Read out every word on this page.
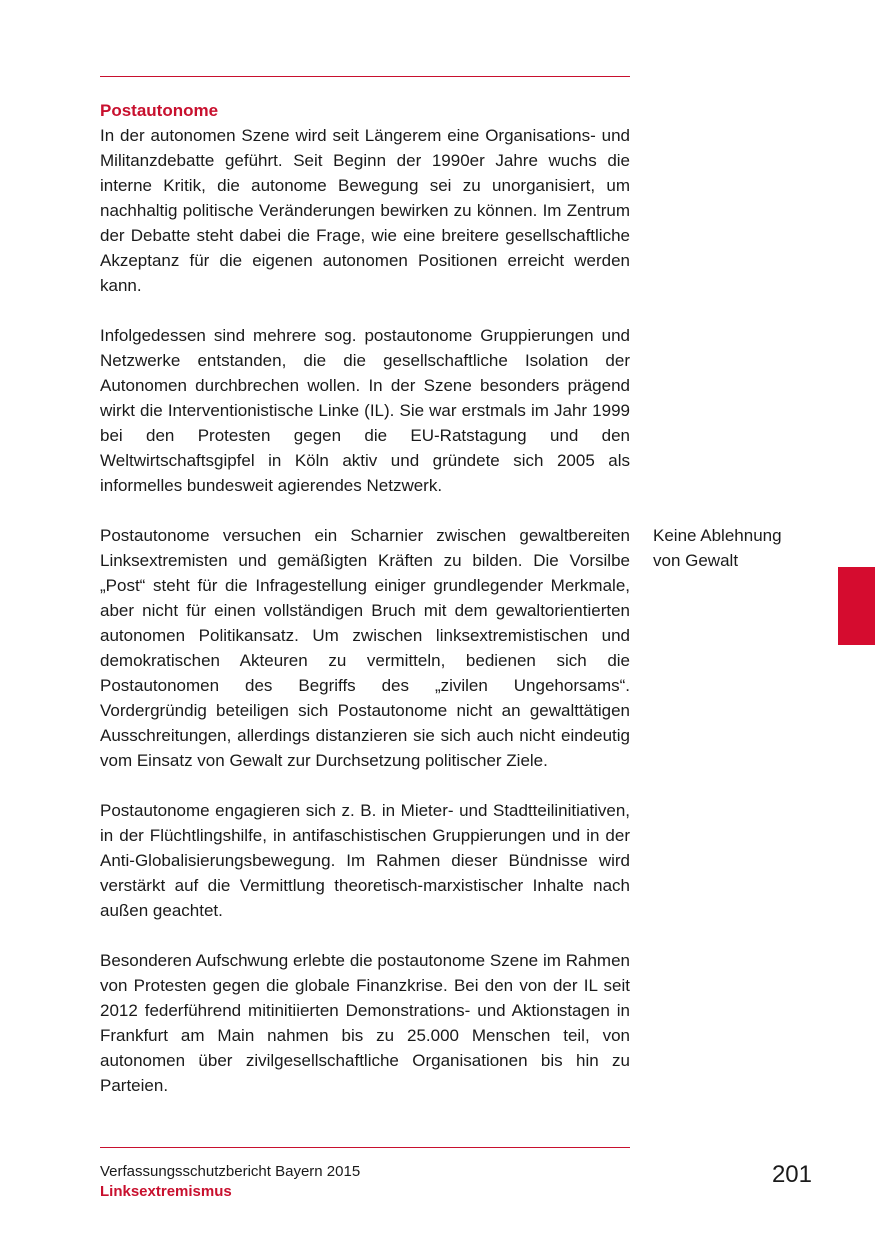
Postautonome

In der autonomen Szene wird seit Längerem eine Organisations- und Militanzdebatte geführt. Seit Beginn der 1990er Jahre wuchs die interne Kritik, die autonome Bewegung sei zu unorganisiert, um nachhaltig politische Veränderungen bewirken zu können. Im Zentrum der Debatte steht dabei die Frage, wie eine breitere gesellschaftliche Akzeptanz für die eigenen autonomen Positionen erreicht werden kann.

Infolgedessen sind mehrere sog. postautonome Gruppierungen und Netzwerke entstanden, die die gesellschaftliche Isolation der Autonomen durchbrechen wollen. In der Szene besonders prägend wirkt die Interventionistische Linke (IL). Sie war erstmals im Jahr 1999 bei den Protesten gegen die EU-Ratstagung und den Weltwirtschaftsgipfel in Köln aktiv und gründete sich 2005 als informelles bundesweit agierendes Netzwerk.

Postautonome versuchen ein Scharnier zwischen gewaltbereiten Linksextremisten und gemäßigten Kräften zu bilden. Die Vorsilbe „Post“ steht für die Infragestellung einiger grundlegender Merkmale, aber nicht für einen vollständigen Bruch mit dem gewaltorientierten autonomen Politikansatz. Um zwischen linksextremistischen und demokratischen Akteuren zu vermitteln, bedienen sich die Postautonomen des Begriffs des „zivilen Ungehorsams“. Vordergründig beteiligen sich Postautonome nicht an gewalttätigen Ausschreitungen, allerdings distanzieren sie sich auch nicht eindeutig vom Einsatz von Gewalt zur Durchsetzung politischer Ziele.

Postautonome engagieren sich z. B. in Mieter- und Stadtteilinitiativen, in der Flüchtlingshilfe, in antifaschistischen Gruppierungen und in der Anti-Globalisierungsbewegung. Im Rahmen dieser Bündnisse wird verstärkt auf die Vermittlung theoretisch-marxistischer Inhalte nach außen geachtet.

Besonderen Aufschwung erlebte die postautonome Szene im Rahmen von Protesten gegen die globale Finanzkrise. Bei den von der IL seit 2012 federführend mitinitiierten Demonstrations- und Aktionstagen in Frankfurt am Main nahmen bis zu 25.000 Menschen teil, von autonomen über zivilgesellschaftliche Organisationen bis hin zu Parteien.

Keine Ablehnung
von Gewalt
Verfassungsschutzbericht Bayern 2015
Linksextremismus
201
